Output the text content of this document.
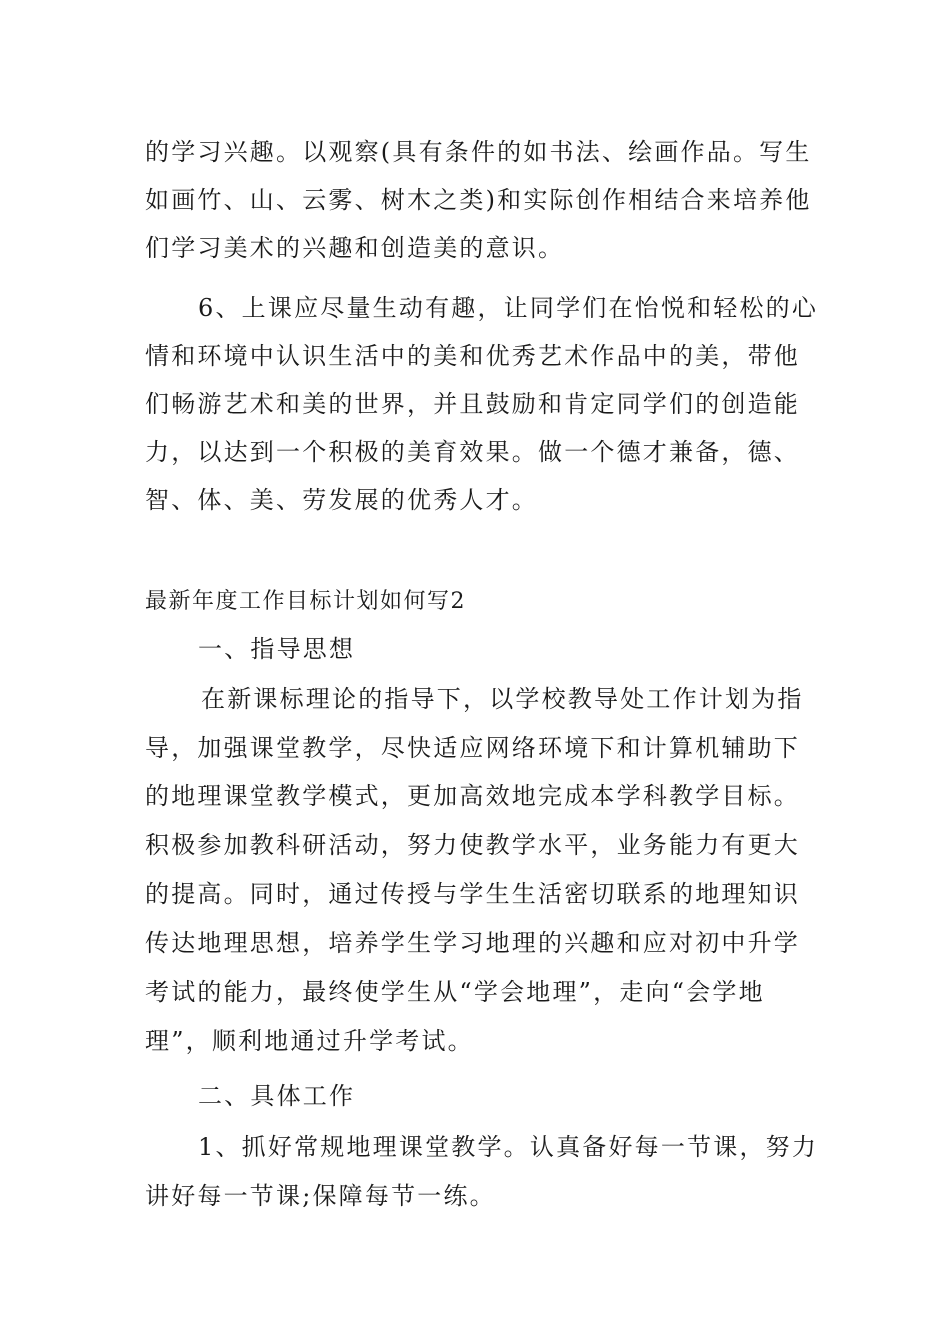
的学习兴趣。以观察(具有条件的如书法、绘画作品。写生
如画竹、山、云雾、树木之类)和实际创作相结合来培养他
们学习美术的兴趣和创造美的意识。
6、上课应尽量生动有趣，让同学们在怡悦和轻松的心
情和环境中认识生活中的美和优秀艺术作品中的美，带他
们畅游艺术和美的世界，并且鼓励和肯定同学们的创造能
力，以达到一个积极的美育效果。做一个德才兼备，德、
智、体、美、劳发展的优秀人才。
最新年度工作目标计划如何写2
一、指导思想
在新课标理论的指导下，以学校教导处工作计划为指
导，加强课堂教学，尽快适应网络环境下和计算机辅助下
的地理课堂教学模式，更加高效地完成本学科教学目标。
积极参加教科研活动，努力使教学水平，业务能力有更大
的提高。同时，通过传授与学生生活密切联系的地理知识
传达地理思想，培养学生学习地理的兴趣和应对初中升学
考试的能力，最终使学生从“学会地理”，走向“会学地
理”，顺利地通过升学考试。
二、具体工作
1、抓好常规地理课堂教学。认真备好每一节课，努力
讲好每一节课;保障每节一练。
